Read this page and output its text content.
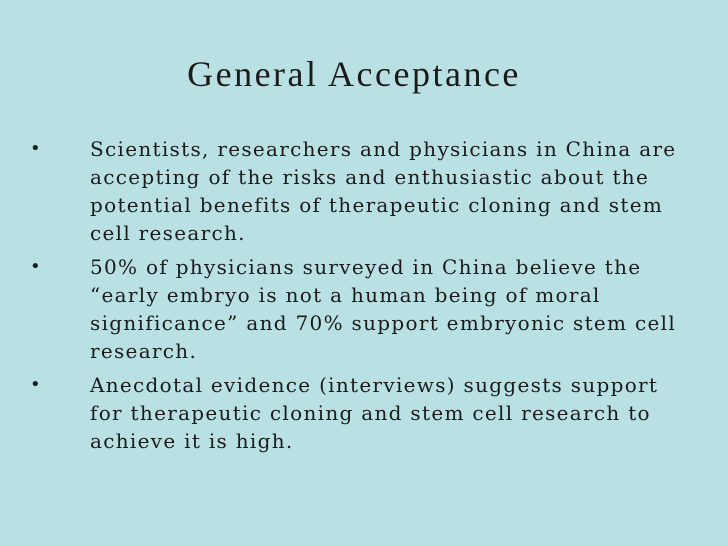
General Acceptance
• Scientists, researchers and physicians in China are accepting of the risks and enthusiastic about the potential benefits of therapeutic cloning and stem cell research.
• 50% of physicians surveyed in China believe the “early embryo is not a human being of moral significance” and 70% support embryonic stem cell research.
• Anecdotal evidence (interviews) suggests support for therapeutic cloning and stem cell research to achieve it is high.
